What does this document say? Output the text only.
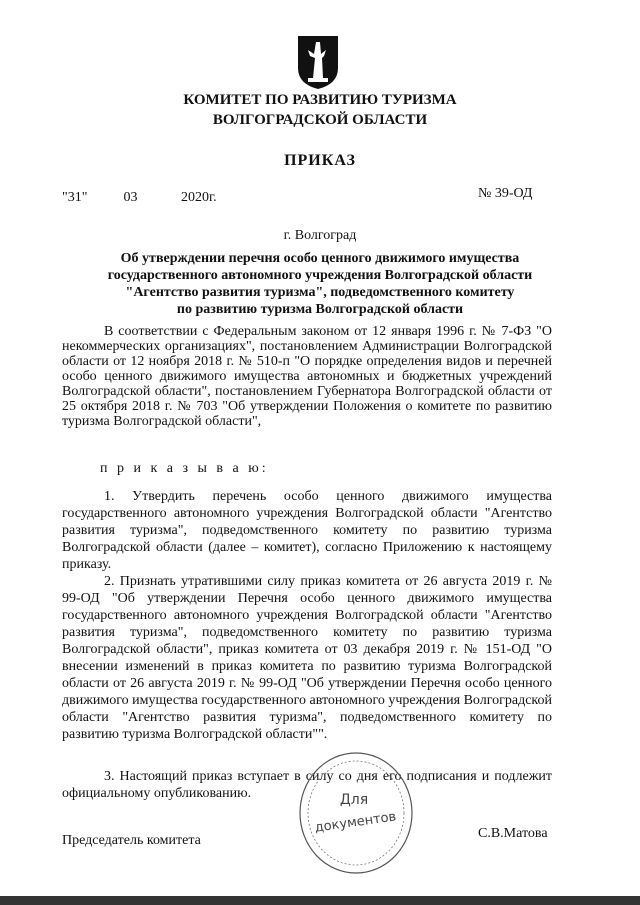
КОМИТЕТ ПО РАЗВИТИЮ ТУРИЗМА
ВОЛГОГРАДСКОЙ ОБЛАСТИ
ПРИКАЗ
"31"	03	2020г.	№ 39-ОД
г. Волгоград
Об утверждении перечня особо ценного движимого имущества
государственного автономного учреждения Волгоградской области
"Агентство развития туризма", подведомственного комитету
по развитию туризма Волгоградской области
В соответствии с Федеральным законом от 12 января 1996 г. № 7-ФЗ "О некоммерческих организациях", постановлением Администрации Волгоградской области от 12 ноября 2018 г. № 510-п "О порядке определения видов и перечней особо ценного движимого имущества автономных и бюджетных учреждений Волгоградской области", постановлением Губернатора Волгоградской области от 25 октября 2018 г. № 703 "Об утверждении Положения о комитете по развитию туризма Волгоградской области",
п р и к а з ы в а ю:
1. Утвердить перечень особо ценного движимого имущества государственного автономного учреждения Волгоградской области "Агентство развития туризма", подведомственного комитету по развитию туризма Волгоградской области (далее – комитет), согласно Приложению к настоящему приказу.
2. Признать утратившими силу приказ комитета от 26 августа 2019 г. № 99-ОД "Об утверждении Перечня особо ценного движимого имущества государственного автономного учреждения Волгоградской области "Агентство развития туризма", подведомственного комитету по развитию туризма Волгоградской области", приказ комитета от 03 декабря 2019 г. № 151-ОД "О внесении изменений в приказ комитета по развитию туризма Волгоградской области от 26 августа 2019 г. № 99-ОД "Об утверждении Перечня особо ценного движимого имущества государственного автономного учреждения Волгоградской области "Агентство развития туризма", подведомственного комитету по развитию туризма Волгоградской области"".
3. Настоящий приказ вступает в силу со дня его подписания и подлежит официальному опубликованию.	Для
документов
Председатель комитета	С.В.Матова
